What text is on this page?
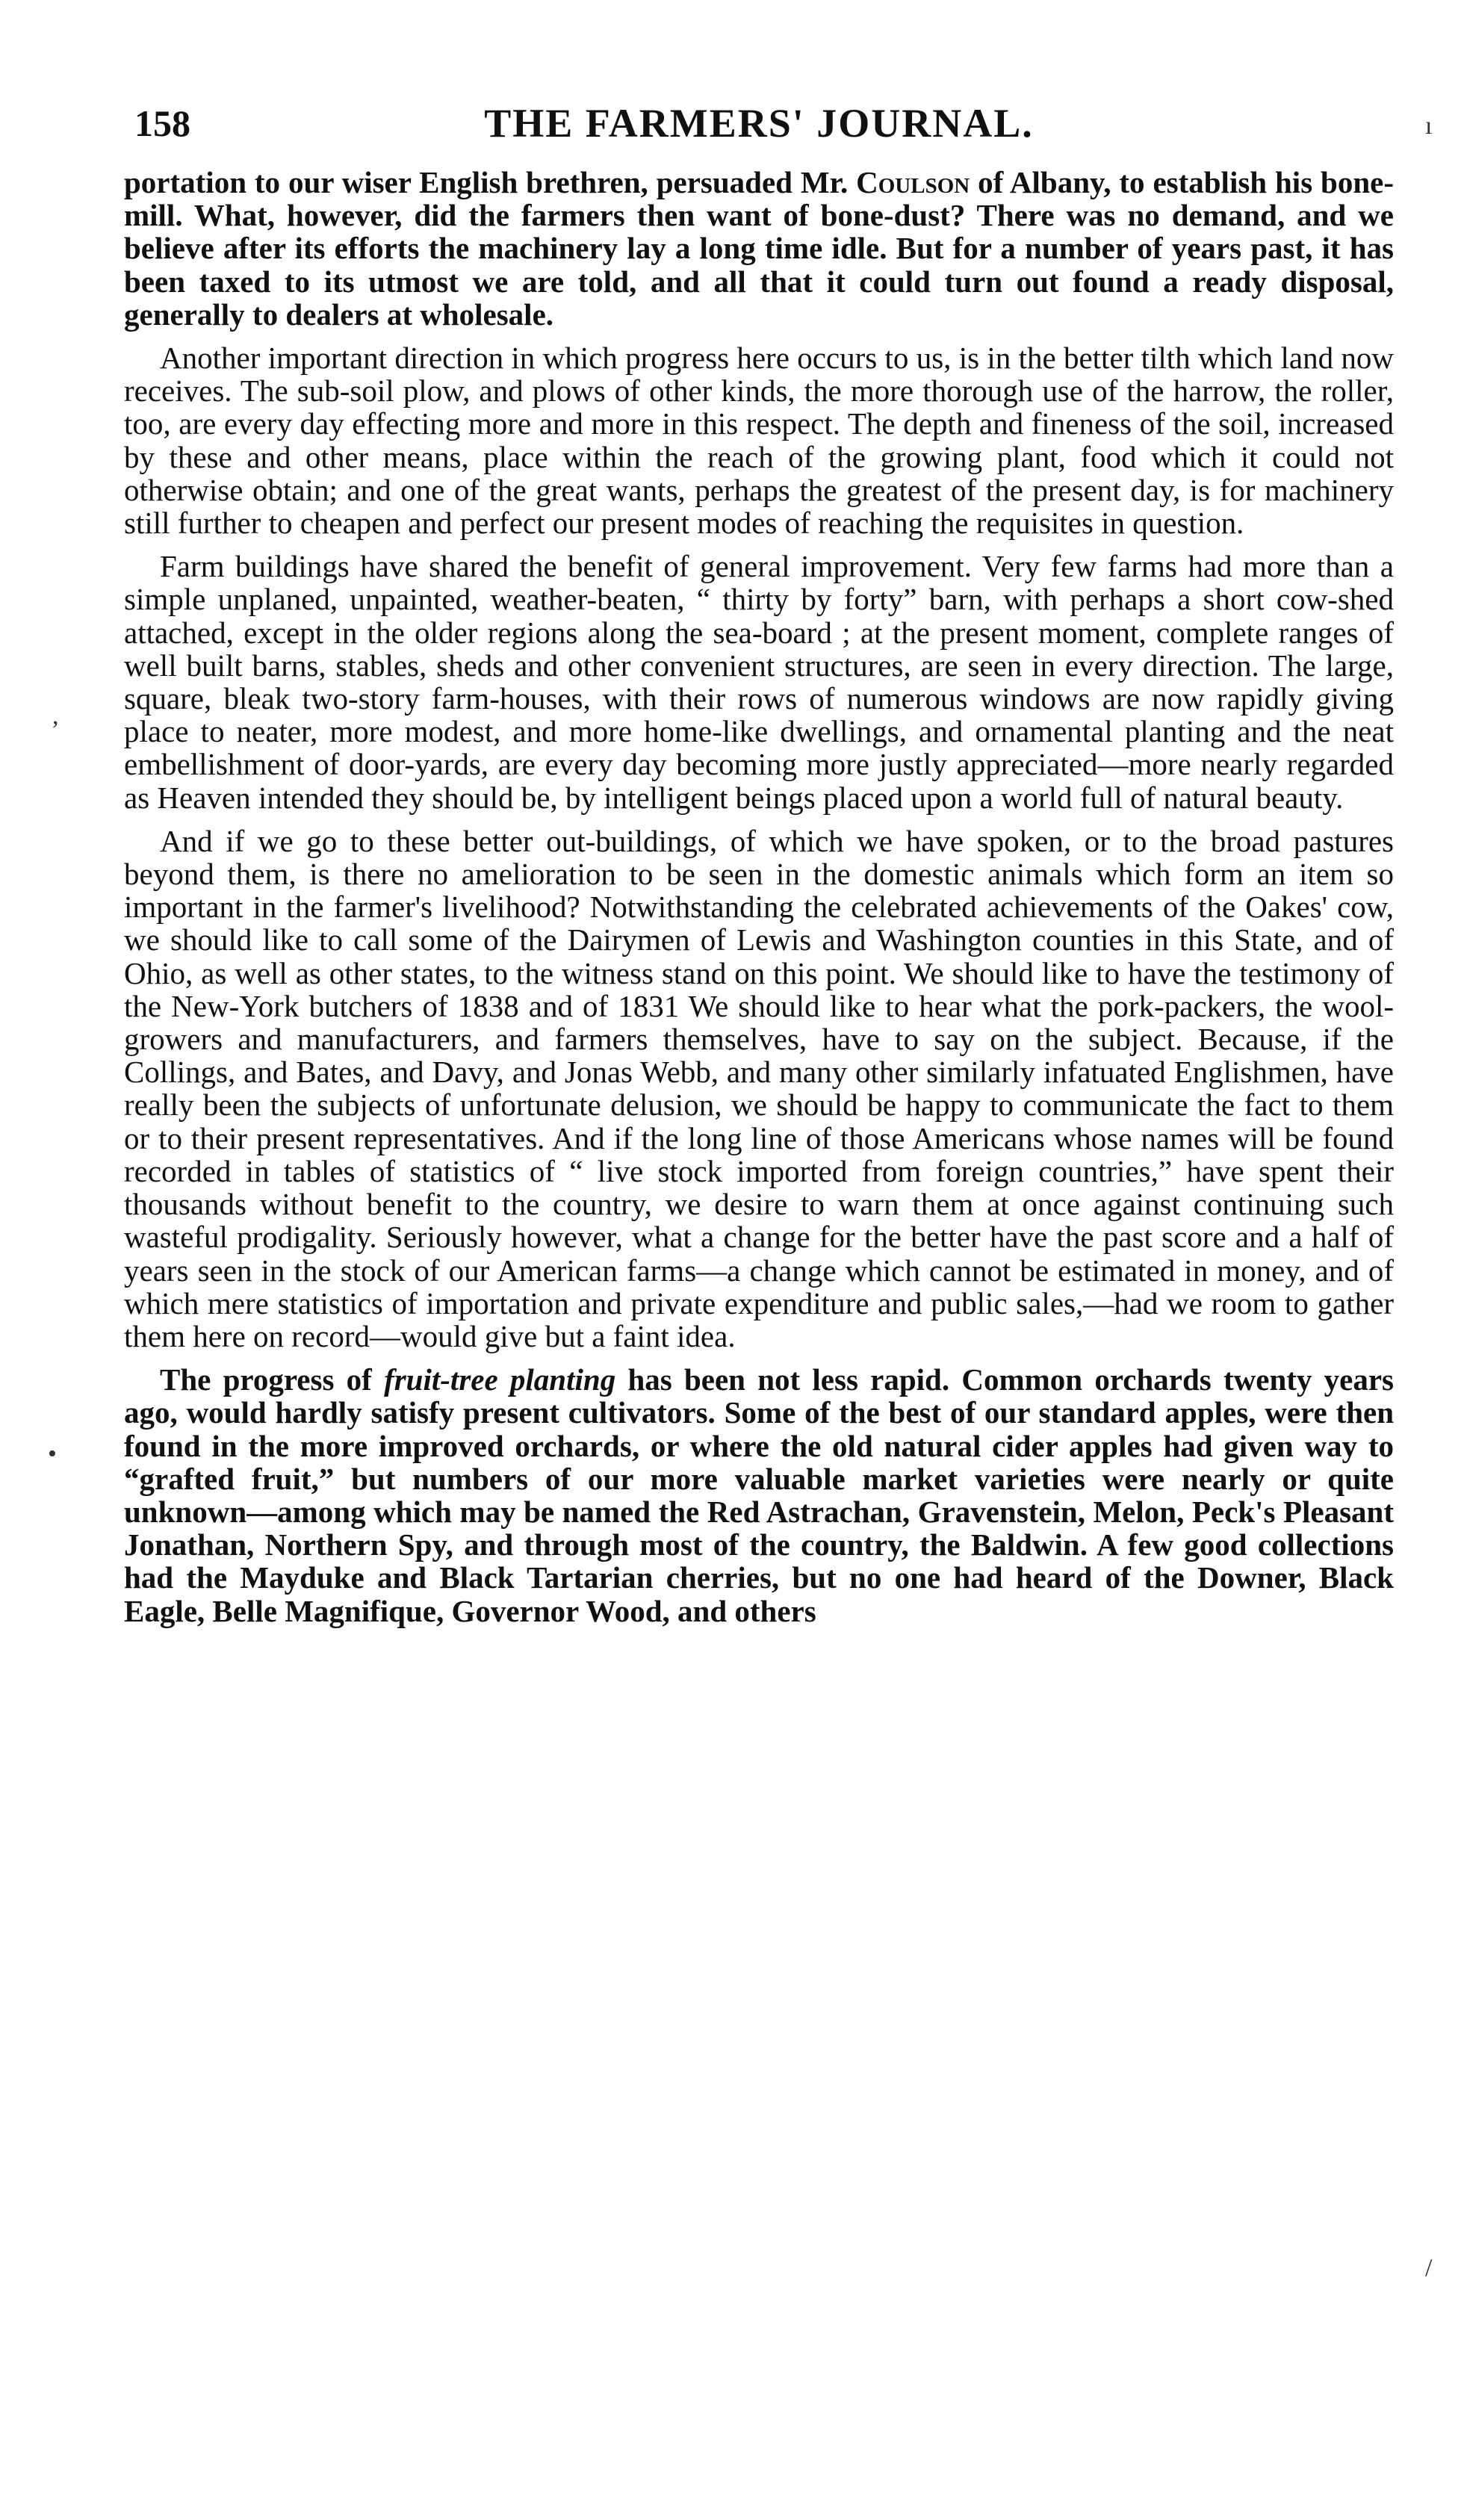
158	THE FARMERS' JOURNAL.	ı
,
•
/

portation to our wiser English brethren, persuaded Mr. Coulson of Albany, to establish his bone-mill. What, however, did the farmers then want of bone-dust? There was no demand, and we believe after its efforts the machinery lay a long time idle. But for a number of years past, it has been taxed to its utmost we are told, and all that it could turn out found a ready disposal, generally to dealers at wholesale.

Another important direction in which progress here occurs to us, is in the better tilth which land now receives. The sub-soil plow, and plows of other kinds, the more thorough use of the harrow, the roller, too, are every day effecting more and more in this respect. The depth and fineness of the soil, increased by these and other means, place within the reach of the growing plant, food which it could not otherwise obtain; and one of the great wants, perhaps the greatest of the present day, is for machinery still further to cheapen and perfect our present modes of reaching the requisites in question.

Farm buildings have shared the benefit of general improvement. Very few farms had more than a simple unplaned, unpainted, weather-beaten, “ thirty by forty” barn, with perhaps a short cow-shed attached, except in the older regions along the sea-board ; at the present moment, complete ranges of well built barns, stables, sheds and other convenient structures, are seen in every direction. The large, square, bleak two-story farm-houses, with their rows of numerous windows are now rapidly giving place to neater, more modest, and more home-like dwellings, and ornamental planting and the neat embellishment of door-yards, are every day becoming more justly appreciated—more nearly regarded as Heaven intended they should be, by intelligent beings placed upon a world full of natural beauty.

And if we go to these better out-buildings, of which we have spoken, or to the broad pastures beyond them, is there no amelioration to be seen in the domestic animals which form an item so important in the farmer's livelihood? Notwithstanding the celebrated achievements of the Oakes' cow, we should like to call some of the Dairymen of Lewis and Washington counties in this State, and of Ohio, as well as other states, to the witness stand on this point. We should like to have the testimony of the New-York butchers of 1838 and of 1831 We should like to hear what the pork-packers, the wool-growers and manufacturers, and farmers themselves, have to say on the subject. Because, if the Collings, and Bates, and Davy, and Jonas Webb, and many other similarly infatuated Englishmen, have really been the subjects of unfortunate delusion, we should be happy to communicate the fact to them or to their present representatives. And if the long line of those Americans whose names will be found recorded in tables of statistics of “ live stock imported from foreign countries,” have spent their thousands without benefit to the country, we desire to warn them at once against continuing such wasteful prodigality. Seriously however, what a change for the better have the past score and a half of years seen in the stock of our American farms—a change which cannot be estimated in money, and of which mere statistics of importation and private expenditure and public sales,—had we room to gather them here on record—would give but a faint idea.

The progress of fruit-tree planting has been not less rapid. Common orchards twenty years ago, would hardly satisfy present cultivators. Some of the best of our standard apples, were then found in the more improved orchards, or where the old natural cider apples had given way to “grafted fruit,” but numbers of our more valuable market varieties were nearly or quite unknown—among which may be named the Red Astrachan, Gravenstein, Melon, Peck's Pleasant Jonathan, Northern Spy, and through most of the country, the Baldwin. A few good collections had the Mayduke and Black Tartarian cherries, but no one had heard of the Downer, Black Eagle, Belle Magnifique, Governor Wood, and others
